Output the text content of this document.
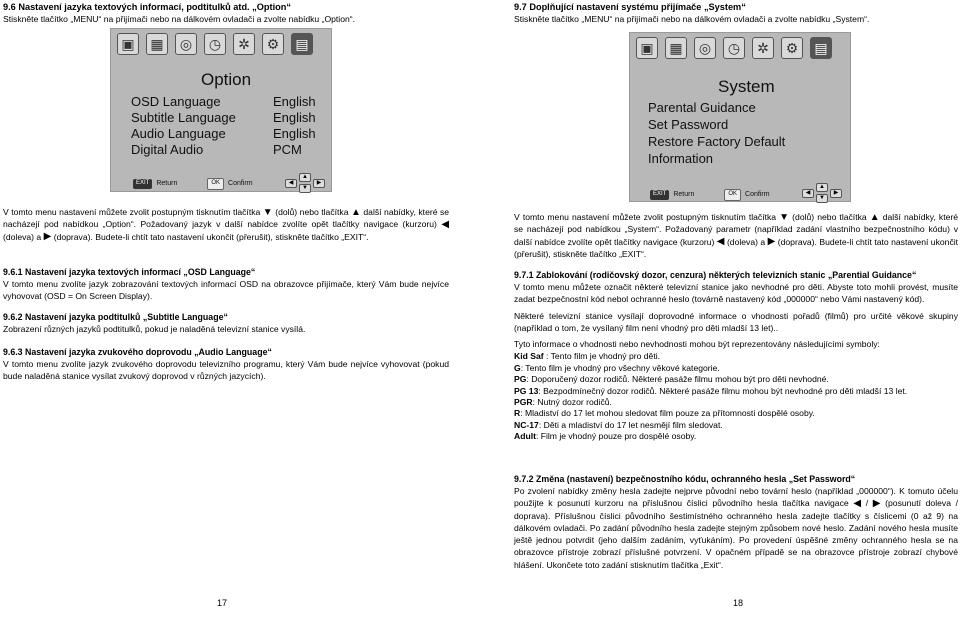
9.6 Nastavení jazyka textových informací, podtitulků atd. „Option“
Stiskněte tlačítko „MENU“ na přijímači nebo na dálkovém ovladači a zvolte nabídku „Option“.
▣	▦	◎	◷	✲	⚙	▤
Option
OSD Language	English
Subtitle Language	English
Audio Language	English
Digital Audio	PCM
EXIT	Return	OK	Confirm	◀
▲
▼
▶

V tomto menu nastavení můžete zvolit postupným tisknutím tlačítka ▼ (dolů) nebo tlačítka ▲ další nabídky, které se nacházejí pod nabídkou „Option“. Požadovaný jazyk v další nabídce zvolíte opět tlačítky navigace (kurzoru) ◀ (doleva) a ▶ (doprava). Budete-li chtít tato nastavení ukončit (přerušit), stiskněte tlačítko „EXIT“.

9.6.1 Nastavení jazyka textových informací „OSD Language“

V tomto menu zvolíte jazyk zobrazování textových informací OSD na obrazovce přijímače, který Vám bude nejvíce vyhovovat (OSD = On Screen Display).

9.6.2 Nastavení jazyka podtitulků „Subtitle Language“

Zobrazení různých jazyků podtitulků, pokud je naladěná televizní stanice vysílá.

9.6.3 Nastavení jazyka zvukového doprovodu „Audio Language“

V tomto menu zvolíte jazyk zvukového doprovodu televizního programu, který Vám bude nejvíce vyhovovat (pokud bude naladěná stanice vysílat zvukový doprovod v různých jazycích).

17
9.7 Doplňující nastavení systému přijímače „System“
Stiskněte tlačítko „MENU“ na přijímači nebo na dálkovém ovladači a zvolte nabídku „System“.
▣	▦	◎	◷	✲	⚙	▤
System
Parental Guidance
Set Password
Restore Factory Default
Information
EXIT	Return	OK	Confirm	◀
▲
▼
▶

V tomto menu nastavení můžete zvolit postupným tisknutím tlačítka ▼ (dolů) nebo tlačítka ▲ další nabídky, které se nacházejí pod nabídkou „System“. Požadovaný parametr (například zadání vlastního bezpečnostního kódu) v další nabídce zvolíte opět tlačítky navigace (kurzoru) ◀ (doleva) a ▶ (doprava). Budete-li chtít tato nastavení ukončit (přerušit), stiskněte tlačítko „EXIT“.

9.7.1 Zablokování (rodičovský dozor, cenzura) některých televizních stanic „Parential Guidance“

V tomto menu můžete označit některé televizní stanice jako nevhodné pro děti. Abyste toto mohli provést, musíte zadat bezpečnostní kód nebol ochranné heslo (továrně nastavený kód „000000“ nebo Vámi nastavený kód).

Některé televizní stanice vysílají doprovodné informace o vhodnosti pořadů (filmů) pro určité věkové skupiny (například o tom, že vysílaný film není vhodný pro děti mladší 13 let)..

Tyto informace o vhodnosti nebo nevhodnosti mohou být reprezentovány následujícími symboly:

Kid Saf : Tento film je vhodný pro děti.
G: Tento film je vhodný pro všechny věkové kategorie.
PG: Doporučený dozor rodičů. Některé pasáže filmu mohou být pro děti nevhodné.
PG 13: Bezpodmínečný dozor rodičů. Některé pasáže filmu mohou být nevhodné pro děti mladší 13 let.
PGR: Nutný dozor rodičů.
R: Mladiství do 17 let mohou sledovat film pouze za přítomnosti dospělé osoby.
NC-17: Děti a mladiství do 17 let nesmějí film sledovat.
Adult: Film je vhodný pouze pro dospělé osoby.
9.7.2 Změna (nastavení) bezpečnostního kódu, ochranného hesla „Set Password“

Po zvolení nabídky změny hesla zadejte nejprve původní nebo tovární heslo (například „000000“). K tomuto účelu použijte k posunutí kurzoru na příslušnou číslici původního hesla tlačítka navigace ◀ / ▶ (posunutí doleva / doprava). Příslušnou číslici původního šestimístného ochranného hesla zadejte tlačítky s číslicemi (0 až 9) na dálkovém ovladači. Po zadání původního hesla zadejte stejným způsobem nové heslo. Zadání nového hesla musíte ještě jednou potvrdit (jeho dalším zadáním, vyťukáním). Po provedení úspěšné změny ochranného hesla se na obrazovce přístroje zobrazí příslušné potvrzení. V opačném případě se na obrazovce přístroje zobrazí chybové hlášení. Ukončete toto zadání stisknutím tlačítka „Exit“.

18
